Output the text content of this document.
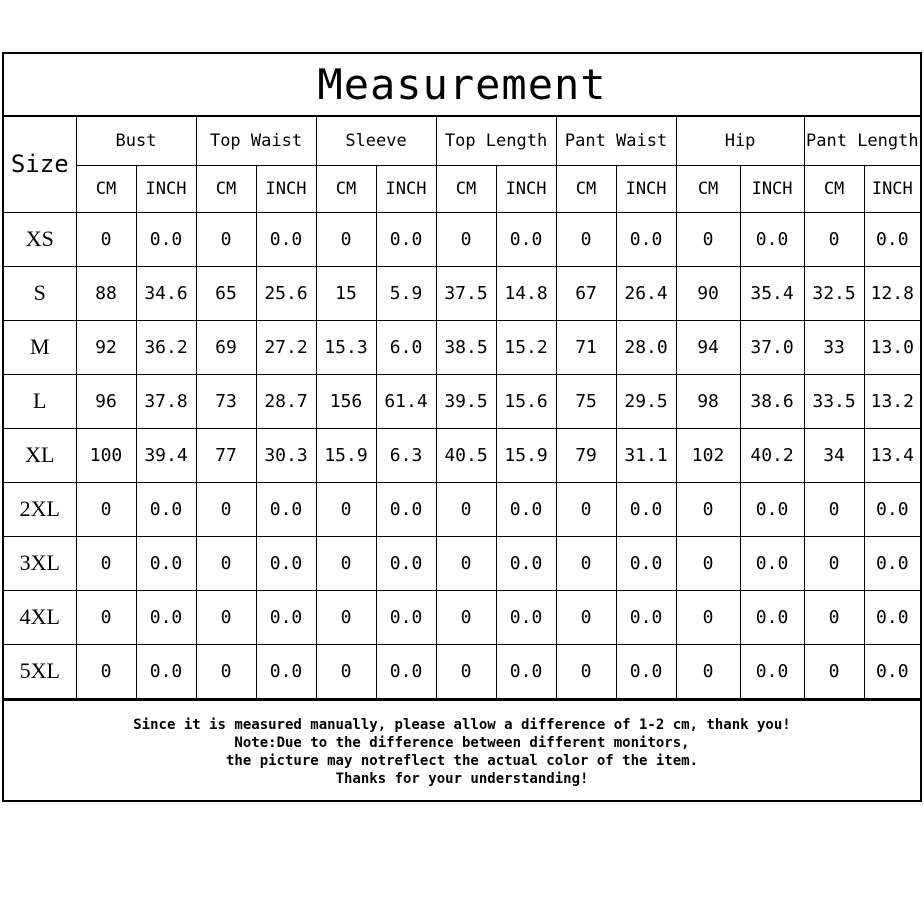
Measurement
Size	Bust		Top Waist		Sleeve		Top Length		Pant Waist		Hip		Pant Length	
	CM	INCH	CM	INCH	CM	INCH	CM	INCH	CM	INCH	CM	INCH	CM	INCH
XS	0	0.0	0	0.0	0	0.0	0	0.0	0	0.0	0	0.0	0	0.0
S	88	34.6	65	25.6	15	5.9	37.5	14.8	67	26.4	90	35.4	32.5	12.8
M	92	36.2	69	27.2	15.3	6.0	38.5	15.2	71	28.0	94	37.0	33	13.0
L	96	37.8	73	28.7	156	61.4	39.5	15.6	75	29.5	98	38.6	33.5	13.2
XL	100	39.4	77	30.3	15.9	6.3	40.5	15.9	79	31.1	102	40.2	34	13.4
2XL	0	0.0	0	0.0	0	0.0	0	0.0	0	0.0	0	0.0	0	0.0
3XL	0	0.0	0	0.0	0	0.0	0	0.0	0	0.0	0	0.0	0	0.0
4XL	0	0.0	0	0.0	0	0.0	0	0.0	0	0.0	0	0.0	0	0.0
5XL	0	0.0	0	0.0	0	0.0	0	0.0	0	0.0	0	0.0	0	0.0
Since it is measured manually, please allow a difference of 1-2 cm, thank you!
Note:Due to the difference between different monitors,
the picture may notreflect the actual color of the item.
Thanks for your understanding!
